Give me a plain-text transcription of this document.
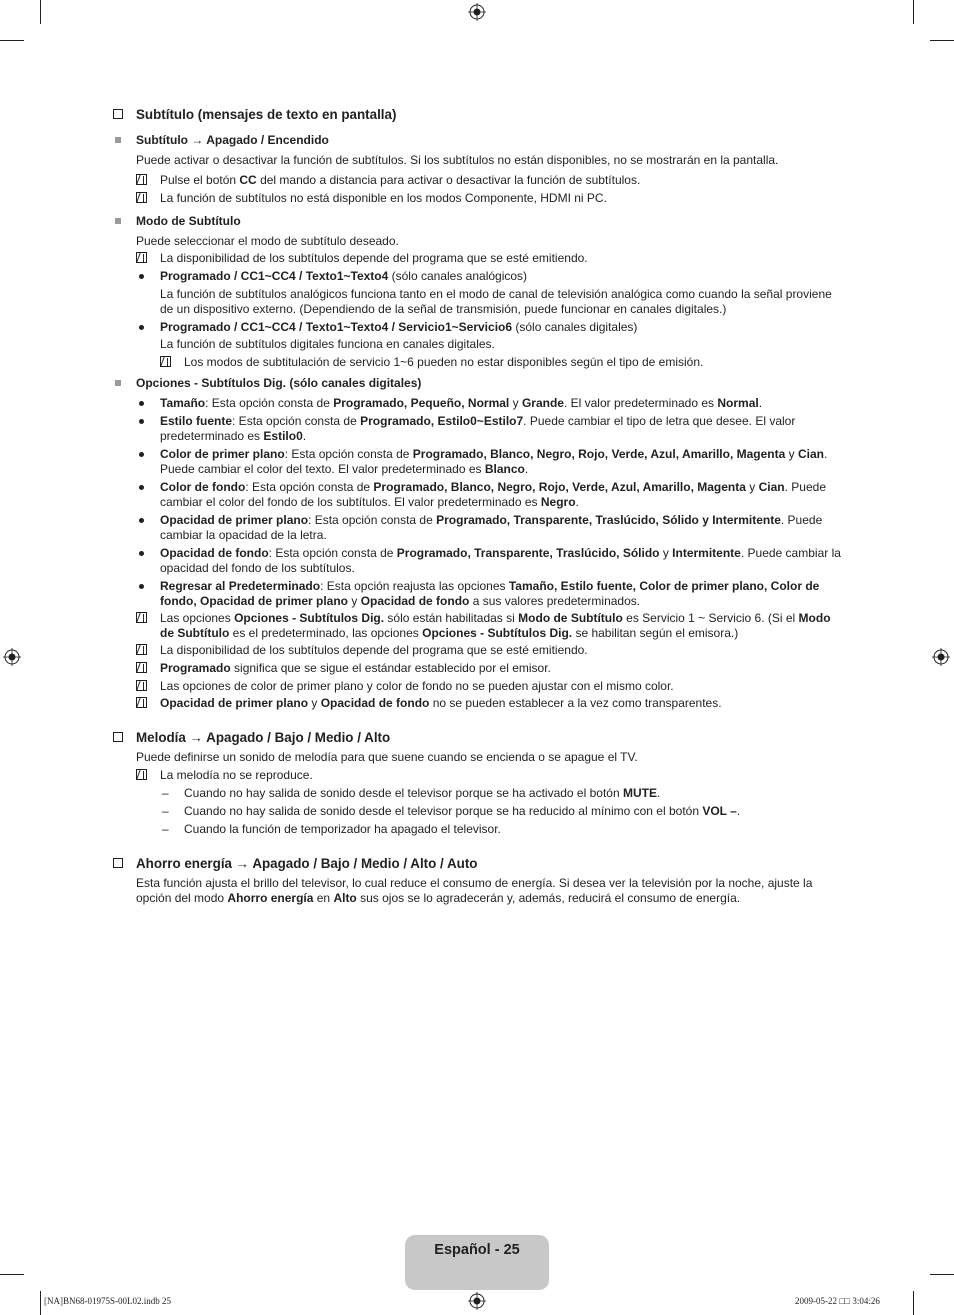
Subtítulo (mensajes de texto en pantalla)
Subtítulo → Apagado / Encendido
Puede activar o desactivar la función de subtítulos. Si los subtítulos no están disponibles, no se mostrarán en la pantalla.
Pulse el botón CC del mando a distancia para activar o desactivar la función de subtítulos.
La función de subtítulos no está disponible en los modos Componente, HDMI ni PC.
Modo de Subtítulo
Puede seleccionar el modo de subtítulo deseado.
La disponibilidad de los subtítulos depende del programa que se esté emitiendo.
Programado / CC1~CC4 / Texto1~Texto4 (sólo canales analógicos)
La función de subtítulos analógicos funciona tanto en el modo de canal de televisión analógica como cuando la señal proviene de un dispositivo externo. (Dependiendo de la señal de transmisión, puede funcionar en canales digitales.)
Programado / CC1~CC4 / Texto1~Texto4 / Servicio1~Servicio6 (sólo canales digitales)
La función de subtítulos digitales funciona en canales digitales.
Los modos de subtitulación de servicio 1~6 pueden no estar disponibles según el tipo de emisión.
Opciones - Subtítulos Dig. (sólo canales digitales)
Tamaño: Esta opción consta de Programado, Pequeño, Normal y Grande. El valor predeterminado es Normal.
Estilo fuente: Esta opción consta de Programado, Estilo0~Estilo7. Puede cambiar el tipo de letra que desee. El valor predeterminado es Estilo0.
Color de primer plano: Esta opción consta de Programado, Blanco, Negro, Rojo, Verde, Azul, Amarillo, Magenta y Cian. Puede cambiar el color del texto. El valor predeterminado es Blanco.
Color de fondo: Esta opción consta de Programado, Blanco, Negro, Rojo, Verde, Azul, Amarillo, Magenta y Cian. Puede cambiar el color del fondo de los subtítulos. El valor predeterminado es Negro.
Opacidad de primer plano: Esta opción consta de Programado, Transparente, Traslúcido, Sólido y Intermitente. Puede cambiar la opacidad de la letra.
Opacidad de fondo: Esta opción consta de Programado, Transparente, Traslúcido, Sólido y Intermitente. Puede cambiar la opacidad del fondo de los subtítulos.
Regresar al Predeterminado: Esta opción reajusta las opciones Tamaño, Estilo fuente, Color de primer plano, Color de fondo, Opacidad de primer plano y Opacidad de fondo a sus valores predeterminados.
Las opciones Opciones - Subtítulos Dig. sólo están habilitadas si Modo de Subtítulo es Servicio 1 ~ Servicio 6. (Si el Modo de Subtítulo es el predeterminado, las opciones Opciones - Subtítulos Dig. se habilitan según el emisora.)
La disponibilidad de los subtítulos depende del programa que se esté emitiendo.
Programado significa que se sigue el estándar establecido por el emisor.
Las opciones de color de primer plano y color de fondo no se pueden ajustar con el mismo color.
Opacidad de primer plano y Opacidad de fondo no se pueden establecer a la vez como transparentes.
Melodía → Apagado / Bajo / Medio / Alto
Puede definirse un sonido de melodía para que suene cuando se encienda o se apague el TV.
La melodía no se reproduce.
– Cuando no hay salida de sonido desde el televisor porque se ha activado el botón MUTE.
– Cuando no hay salida de sonido desde el televisor porque se ha reducido al mínimo con el botón VOL –.
– Cuando la función de temporizador ha apagado el televisor.
Ahorro energía → Apagado / Bajo / Medio / Alto / Auto
Esta función ajusta el brillo del televisor, lo cual reduce el consumo de energía. Si desea ver la televisión por la noche, ajuste la opción del modo Ahorro energía en Alto sus ojos se lo agradecerán y, además, reducirá el consumo de energía.
Español - 25
[NA]BN68-01975S-00L02.indb 25	2009-05-22 □□ 3:04:26
